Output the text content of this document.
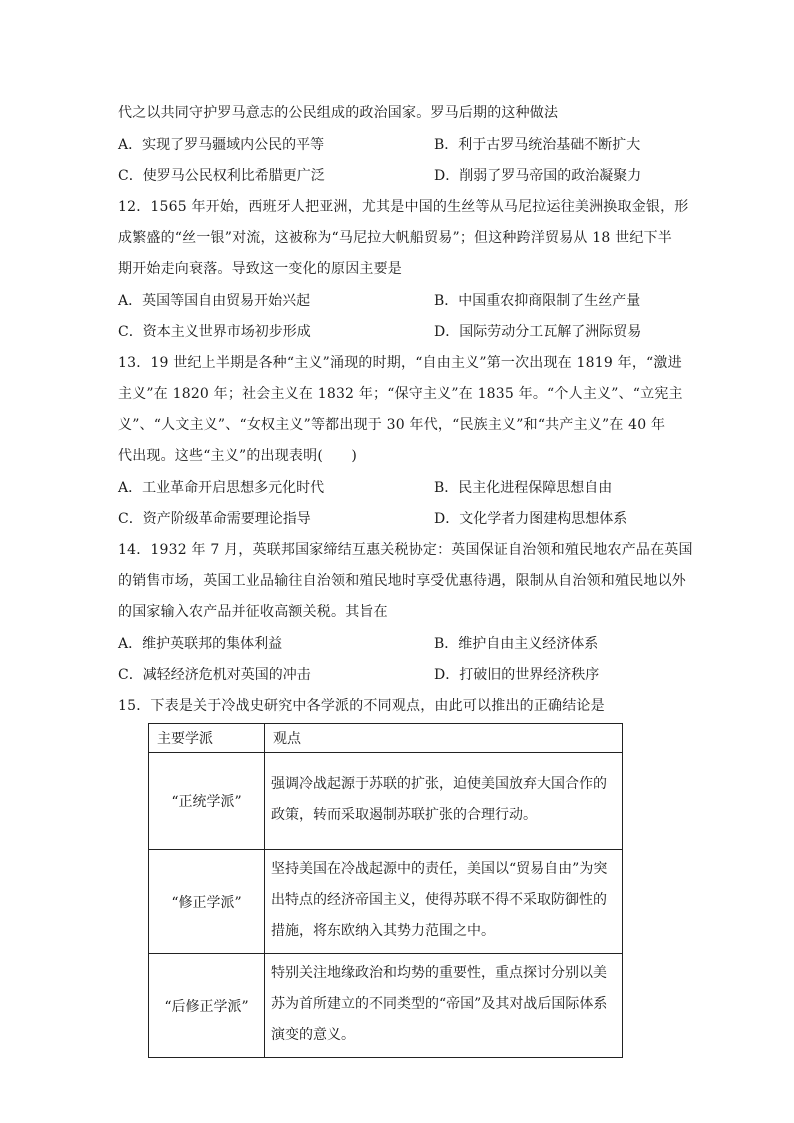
代之以共同守护罗马意志的公民组成的政治国家。罗马后期的这种做法
A．实现了罗马疆域内公民的平等	B．利于古罗马统治基础不断扩大
C．使罗马公民权利比希腊更广泛	D．削弱了罗马帝国的政治凝聚力
12．1565 年开始，西班牙人把亚洲，尤其是中国的生丝等从马尼拉运往美洲换取金银，形
成繁盛的“丝一银”对流，这被称为“马尼拉大帆船贸易”；但这种跨洋贸易从 18 世纪下半
期开始走向衰落。导致这一变化的原因主要是
A．英国等国自由贸易开始兴起	B．中国重农抑商限制了生丝产量
C．资本主义世界市场初步形成	D．国际劳动分工瓦解了洲际贸易
13．19 世纪上半期是各种“主义”涌现的时期，“自由主义”第一次出现在 1819 年，“激进
主义”在 1820 年；社会主义在 1832 年；“保守主义”在 1835 年。“个人主义”、“立宪主
义”、“人文主义”、“女权主义”等都出现于 30 年代，“民族主义”和“共产主义”在 40 年
代出现。这些“主义”的出现表明(　　)
A．工业革命开启思想多元化时代	B．民主化进程保障思想自由
C．资产阶级革命需要理论指导	D．文化学者力图建构思想体系
14．1932 年 7 月，英联邦国家缔结互惠关税协定：英国保证自治领和殖民地农产品在英国
的销售市场，英国工业品输往自治领和殖民地时享受优惠待遇，限制从自治领和殖民地以外
的国家输入农产品并征收高额关税。其旨在
A．维护英联邦的集体利益	B．维护自由主义经济体系
C．减轻经济危机对英国的冲击	D．打破旧的世界经济秩序
15．下表是关于冷战史研究中各学派的不同观点，由此可以推出的正确结论是
主要学派	观点
“正统学派”	强调冷战起源于苏联的扩张，迫使美国放弃大国合作的政策，转而采取遏制苏联扩张的合理行动。
“修正学派”	坚持美国在冷战起源中的责任，美国以“贸易自由”为突出特点的经济帝国主义，使得苏联不得不采取防御性的措施，将东欧纳入其势力范围之中。
“后修正学派”	特别关注地缘政治和均势的重要性，重点探讨分别以美苏为首所建立的不同类型的“帝国”及其对战后国际体系演变的意义。
